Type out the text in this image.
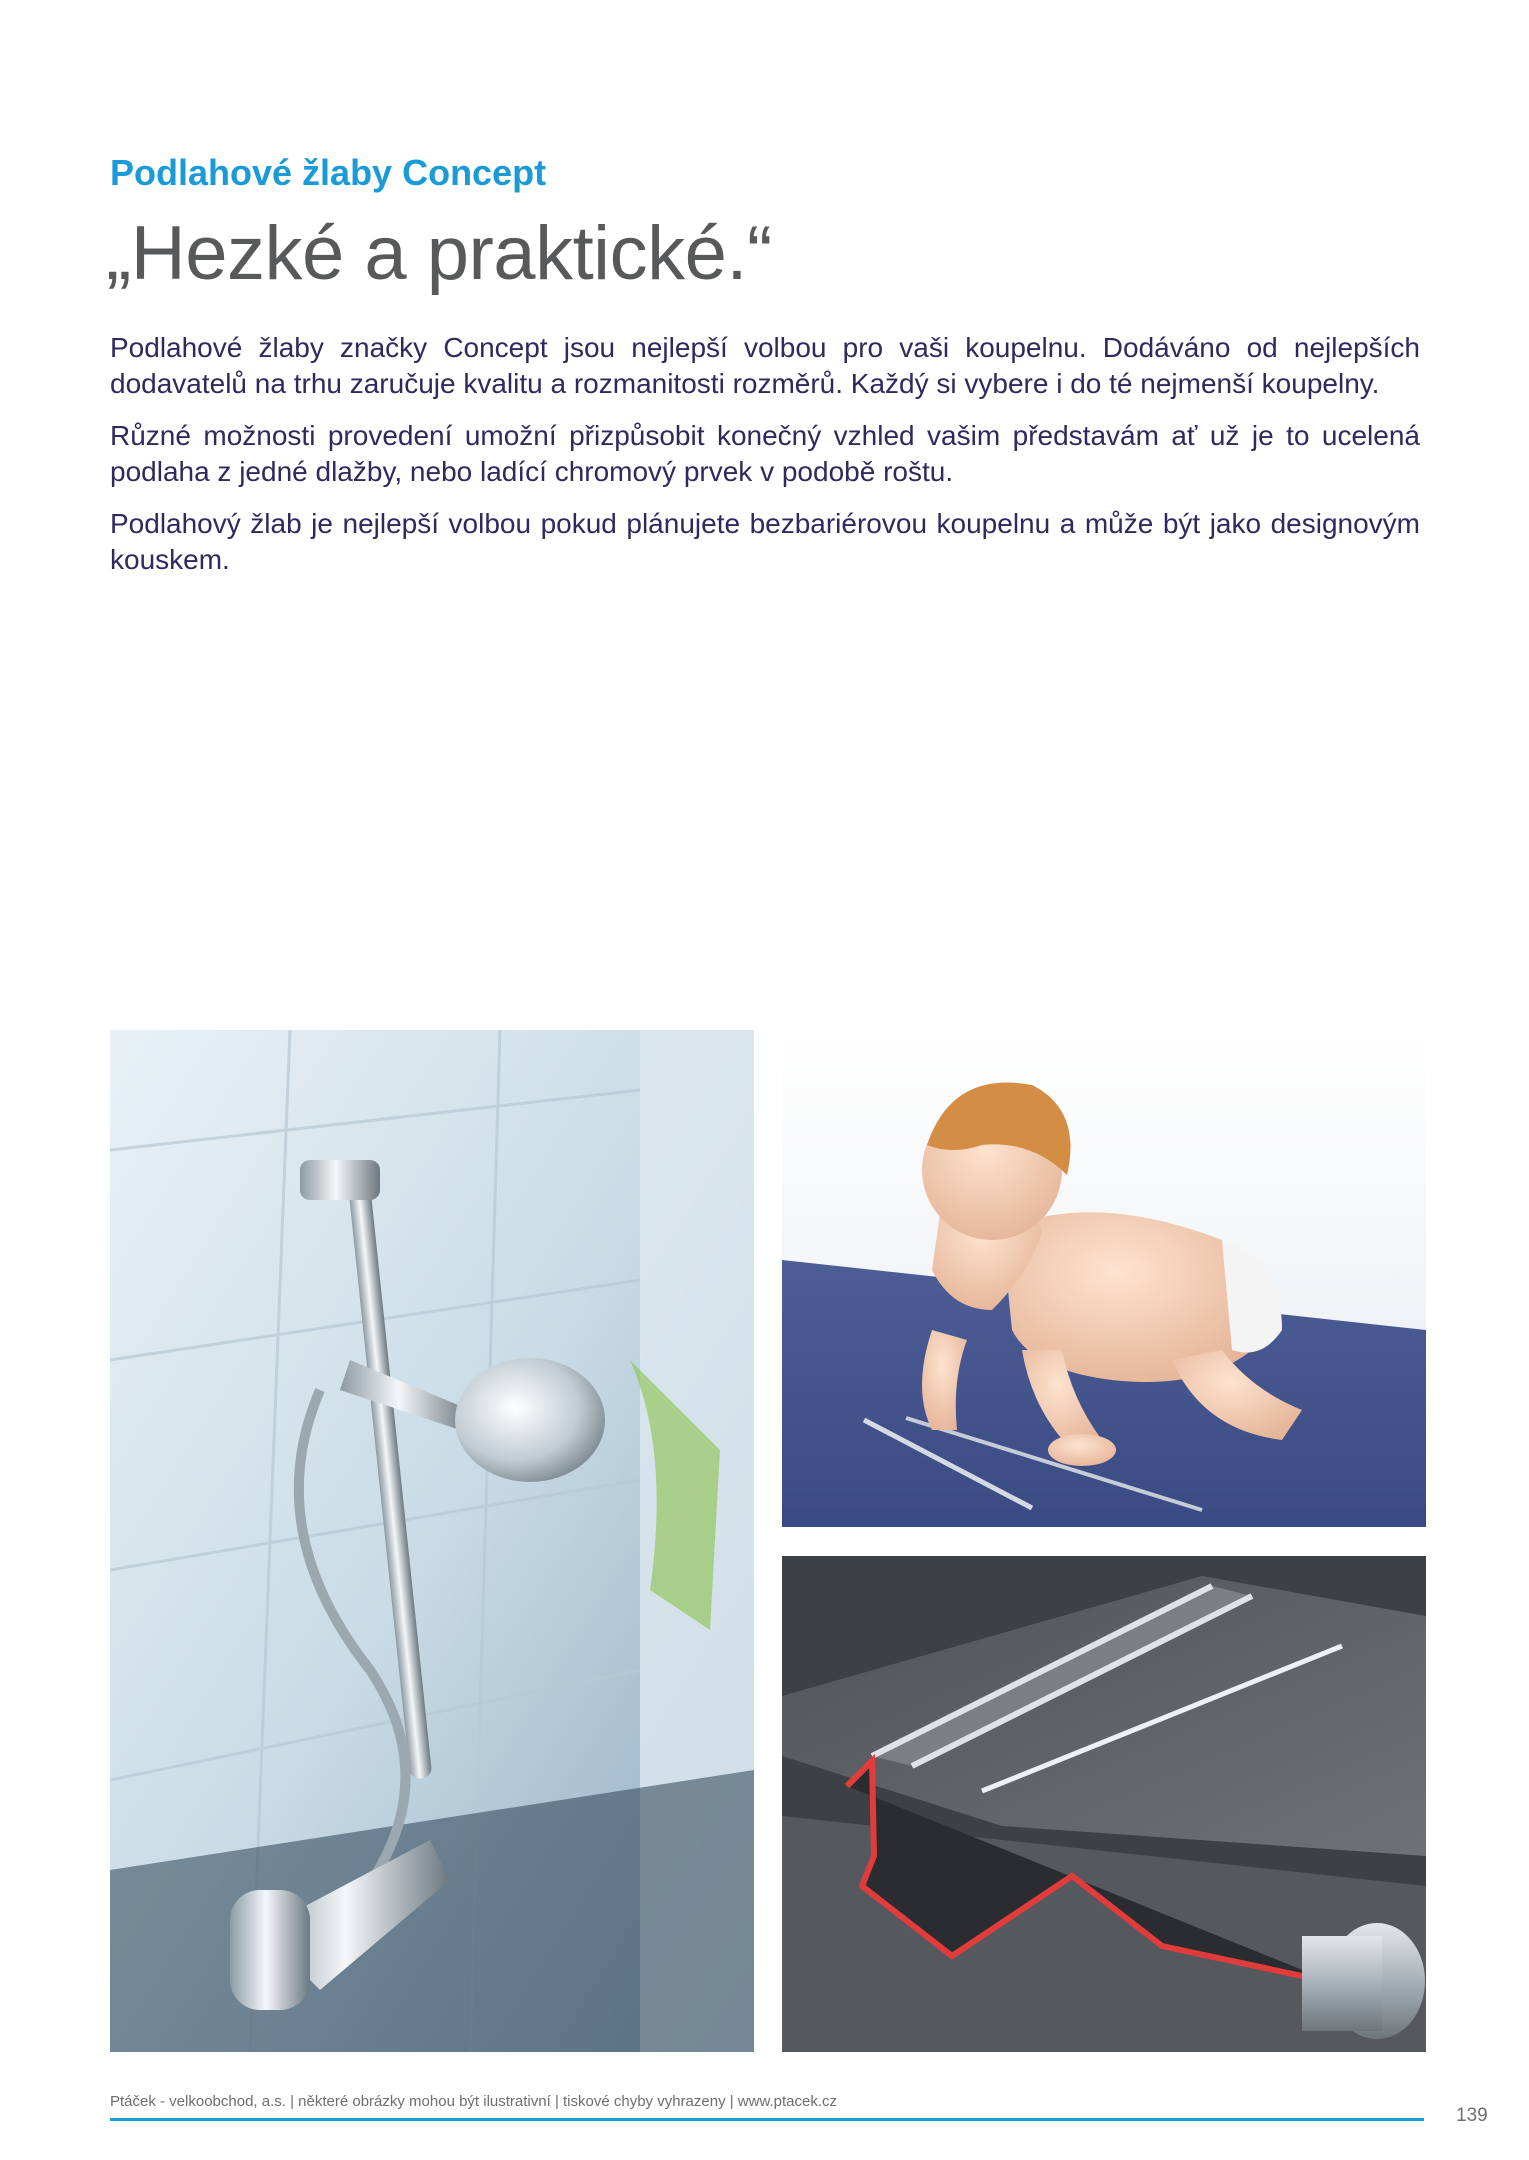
Podlahové žlaby Concept
„Hezké a praktické.“

Podlahové žlaby značky Concept jsou nejlepší volbou pro vaši koupelnu. Dodáváno od nejlepších dodavatelů na trhu zaručuje kvalitu a rozmanitosti rozměrů. Každý si vybere i do té nejmenší koupelny.

Různé možnosti provedení umožní přizpůsobit konečný vzhled vašim představám ať už je to ucelená podlaha z jedné dlažby, nebo ladící chromový prvek v podobě roštu.

Podlahový žlab je nejlepší volbou pokud plánujete bezbariérovou koupelnu a může být jako designovým kouskem.

Ptáček - velkoobchod, a.s. | některé obrázky mohou být ilustrativní | tiskové chyby vyhrazeny | www.ptacek.cz
139
